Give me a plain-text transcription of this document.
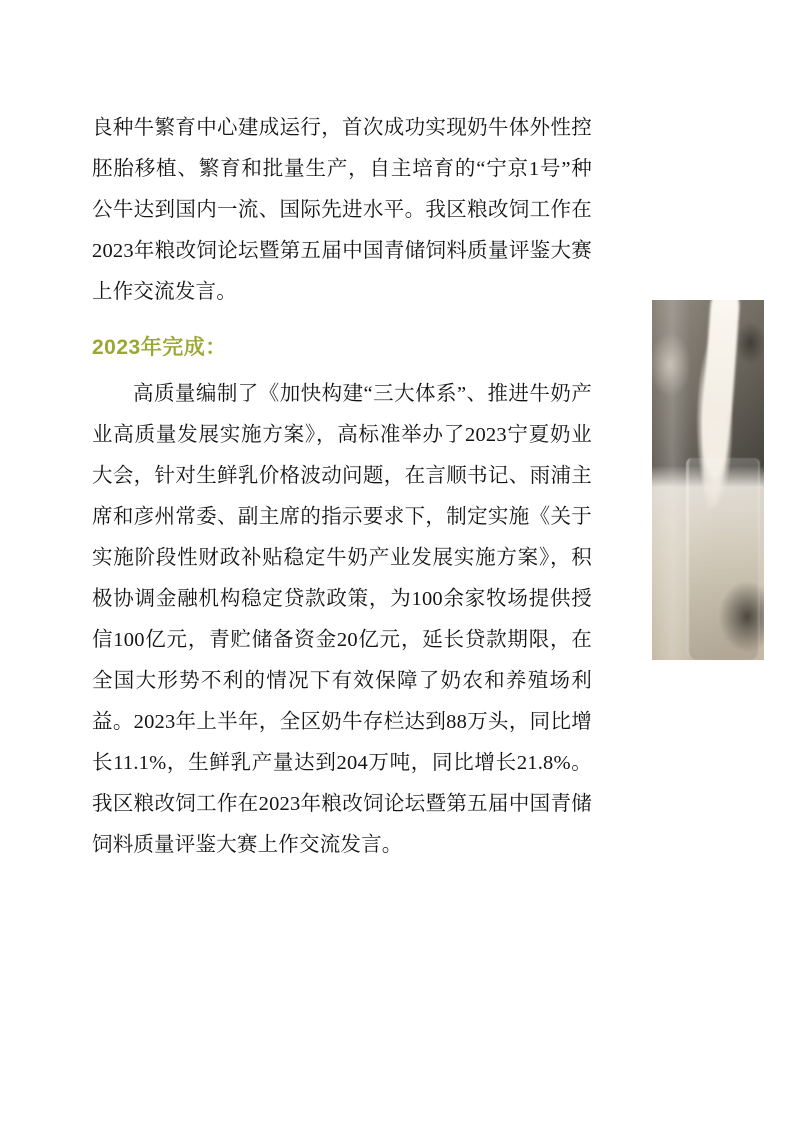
良种牛繁育中心建成运行，首次成功实现奶牛体外性控胚胎移植、繁育和批量生产，自主培育的“宁京1号”种公牛达到国内一流、国际先进水平。我区粮改饲工作在2023年粮改饲论坛暨第五届中国青储饲料质量评鉴大赛上作交流发言。

2023年完成：

高质量编制了《加快构建“三大体系”、推进牛奶产业高质量发展实施方案》，高标准举办了2023宁夏奶业大会，针对生鲜乳价格波动问题，在言顺书记、雨浦主席和彦州常委、副主席的指示要求下，制定实施《关于实施阶段性财政补贴稳定牛奶产业发展实施方案》，积极协调金融机构稳定贷款政策，为100余家牧场提供授信100亿元，青贮储备资金20亿元，延长贷款期限，在全国大形势不利的情况下有效保障了奶农和养殖场利益。2023年上半年，全区奶牛存栏达到88万头，同比增长11.1%，生鲜乳产量达到204万吨，同比增长21.8%。我区粮改饲工作在2023年粮改饲论坛暨第五届中国青储饲料质量评鉴大赛上作交流发言。
